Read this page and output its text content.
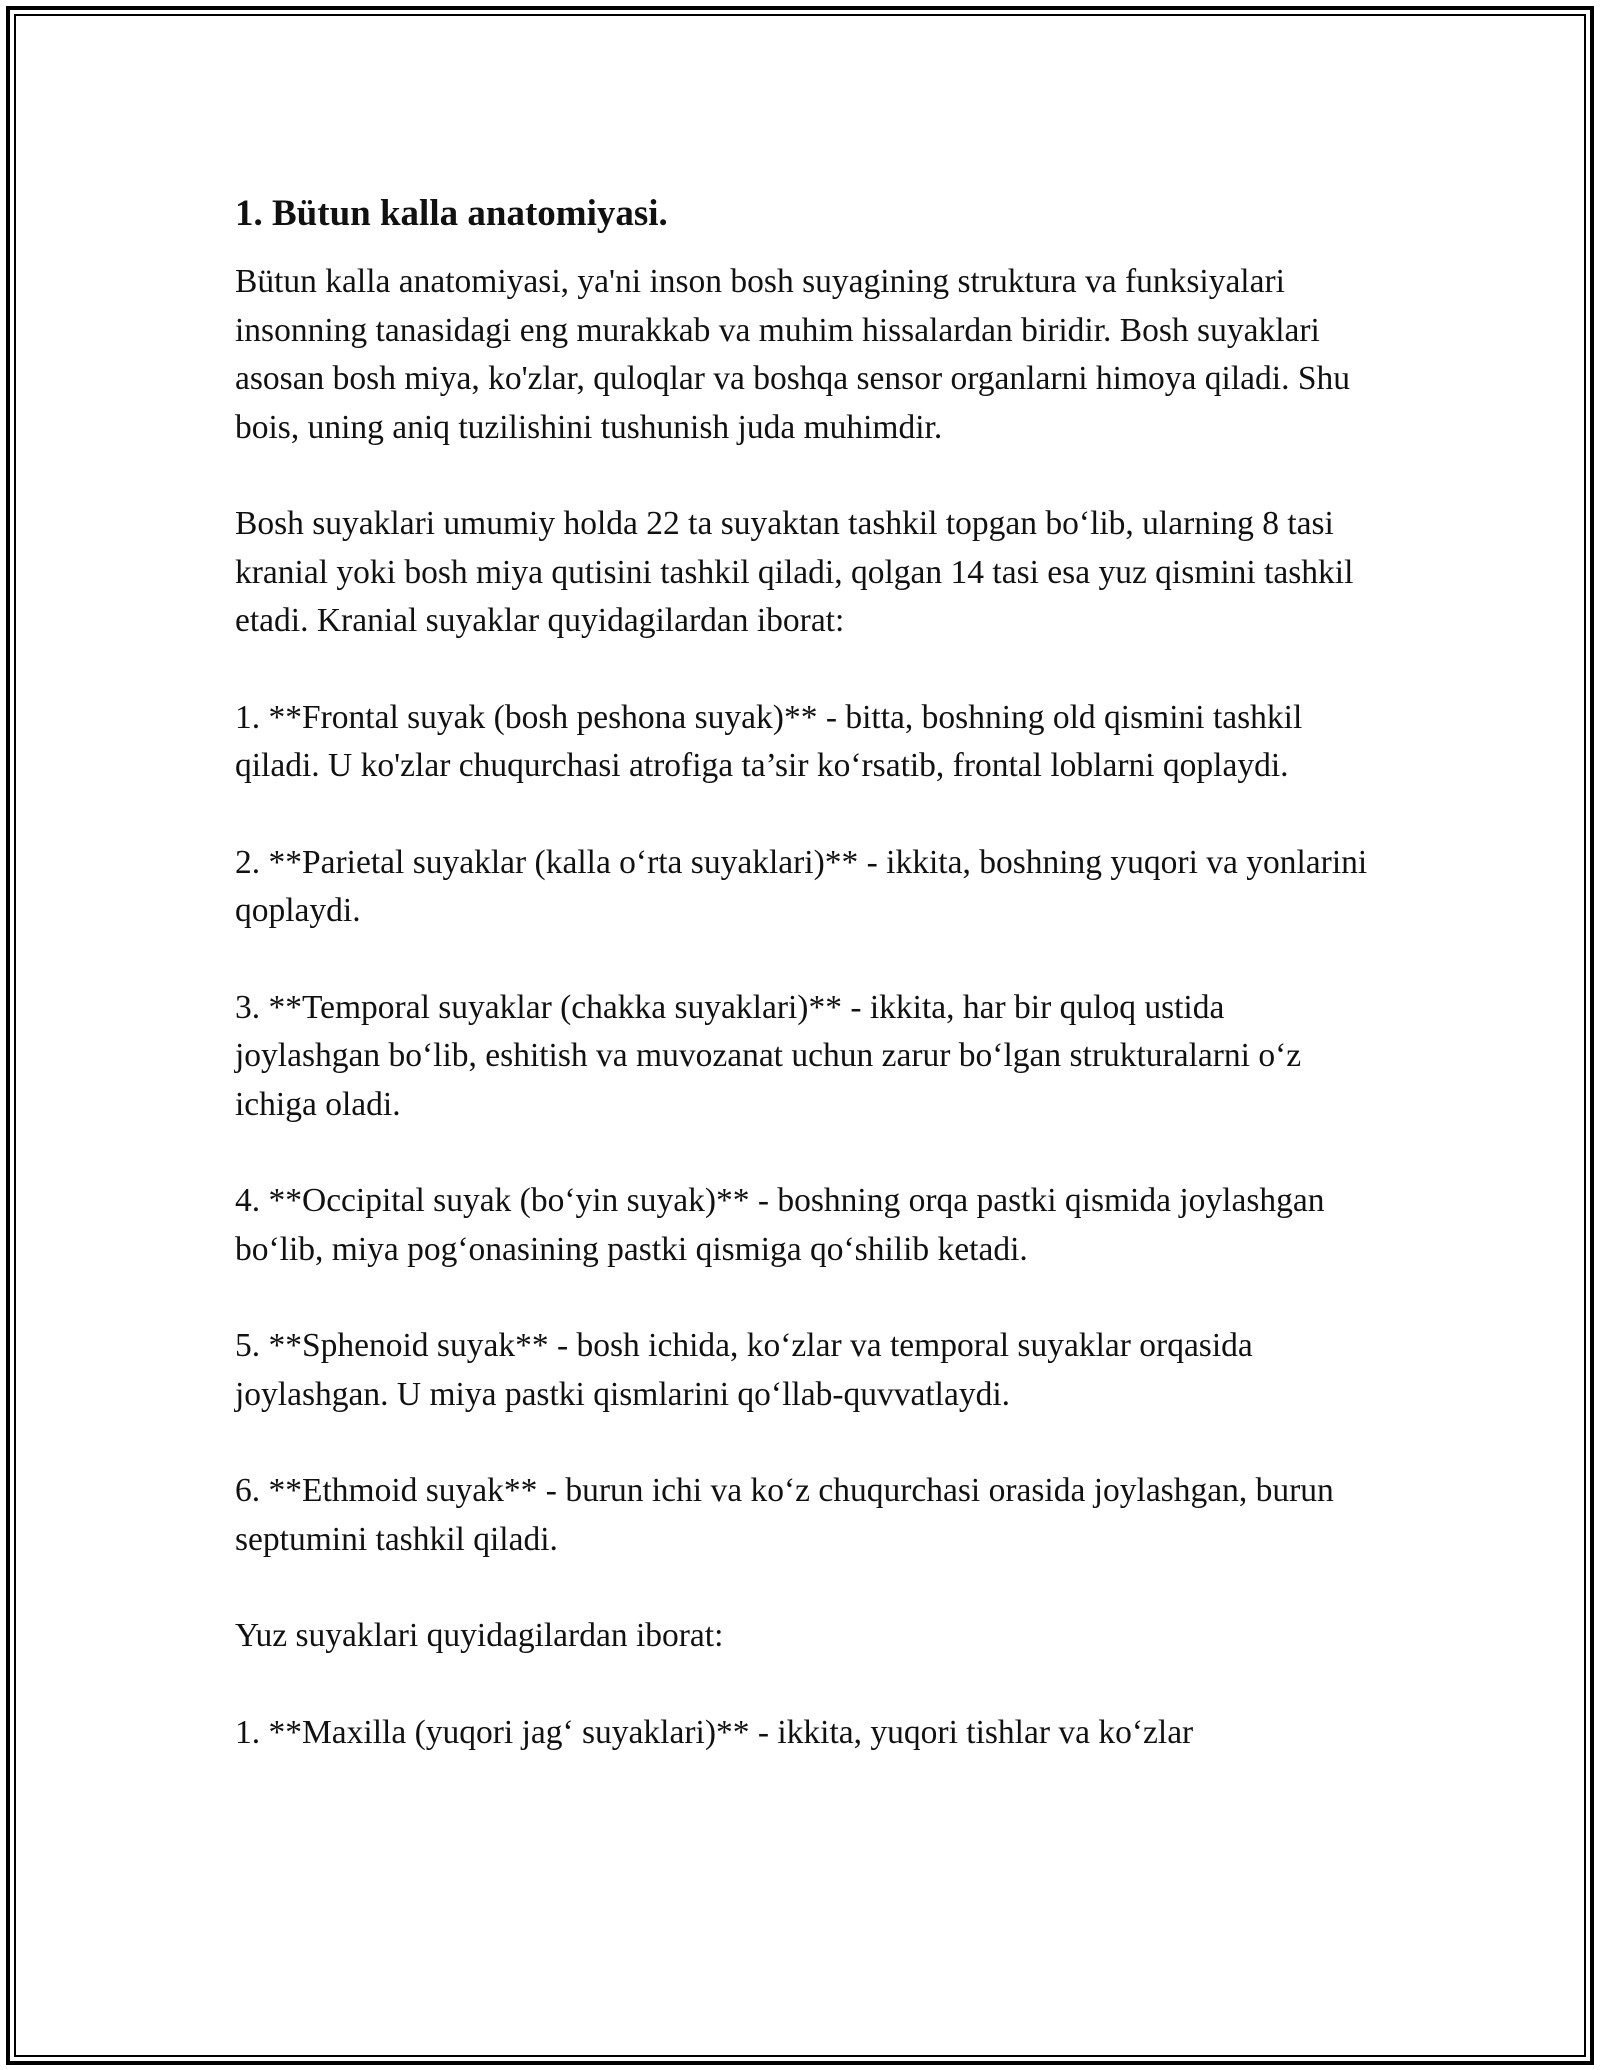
1. Bütun kalla anatomiyasi.

Bütun kalla anatomiyasi, ya'ni inson bosh suyagining struktura va funksiyalari insonning tanasidagi eng murakkab va muhim hissalardan biridir. Bosh suyaklari asosan bosh miya, ko'zlar, quloqlar va boshqa sensor organlarni himoya qiladi. Shu bois, uning aniq tuzilishini tushunish juda muhimdir.

Bosh suyaklari umumiy holda 22 ta suyaktan tashkil topgan bo‘lib, ularning 8 tasi kranial yoki bosh miya qutisini tashkil qiladi, qolgan 14 tasi esa yuz qismini tashkil etadi. Kranial suyaklar quyidagilardan iborat:

1. **Frontal suyak (bosh peshona suyak)** - bitta, boshning old qismini tashkil qiladi. U ko'zlar chuqurchasi atrofiga ta’sir ko‘rsatib, frontal loblarni qoplaydi.

2. **Parietal suyaklar (kalla o‘rta suyaklari)** - ikkita, boshning yuqori va yonlarini qoplaydi.

3. **Temporal suyaklar (chakka suyaklari)** - ikkita, har bir quloq ustida joylashgan bo‘lib, eshitish va muvozanat uchun zarur bo‘lgan strukturalarni o‘z ichiga oladi.

4. **Occipital suyak (bo‘yin suyak)** - boshning orqa pastki qismida joylashgan bo‘lib, miya pog‘onasining pastki qismiga qo‘shilib ketadi.

5. **Sphenoid suyak** - bosh ichida, ko‘zlar va temporal suyaklar orqasida joylashgan. U miya pastki qismlarini qo‘llab-quvvatlaydi.

6. **Ethmoid suyak** - burun ichi va ko‘z chuqurchasi orasida joylashgan, burun septumini tashkil qiladi.

Yuz suyaklari quyidagilardan iborat:

1. **Maxilla (yuqori jag‘ suyaklari)** - ikkita, yuqori tishlar va ko‘zlar
